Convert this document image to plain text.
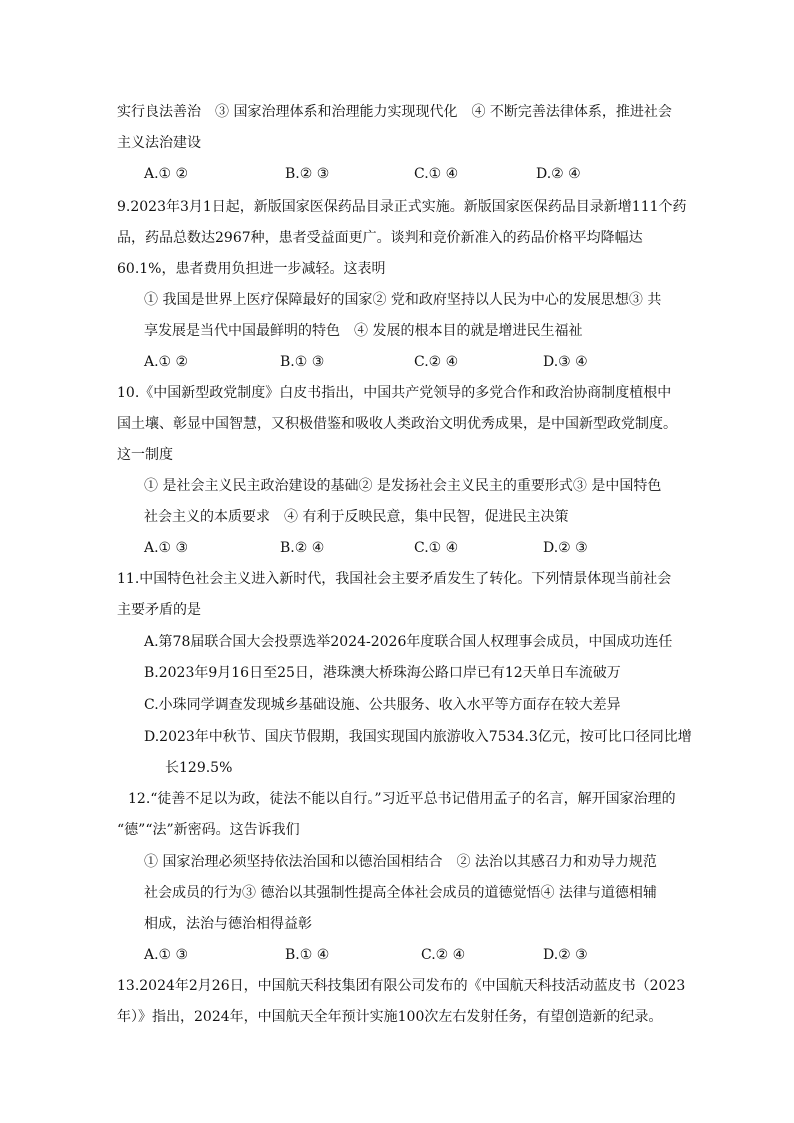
实行良法善治　③ 国家治理体系和治理能力实现现代化　④ 不断完善法律体系，推进社会
主义法治建设
A.① ②	B.② ③	C.① ④	D.② ④
9.2023年3月1日起，新版国家医保药品目录正式实施。新版国家医保药品目录新增111个药
品，药品总数达2967种，患者受益面更广。谈判和竞价新准入的药品价格平均降幅达
60.1%，患者费用负担进一步减轻。这表明
① 我国是世界上医疗保障最好的国家② 党和政府坚持以人民为中心的发展思想③ 共
享发展是当代中国最鲜明的特色　④ 发展的根本目的就是增进民生福祉
A.① ②	B.① ③	C.② ④	D.③ ④
10.《中国新型政党制度》白皮书指出，中国共产党领导的多党合作和政治协商制度植根中
国土壤、彰显中国智慧，又积极借鉴和吸收人类政治文明优秀成果，是中国新型政党制度。
这一制度
① 是社会主义民主政治建设的基础② 是发扬社会主义民主的重要形式③ 是中国特色
社会主义的本质要求　④ 有利于反映民意，集中民智，促进民主决策
A.① ③	B.② ④	C.① ④	D.② ③
11.中国特色社会主义进入新时代，我国社会主要矛盾发生了转化。下列情景体现当前社会
主要矛盾的是
A.第78届联合国大会投票选举2024-2026年度联合国人权理事会成员，中国成功连任
B.2023年9月16日至25日，港珠澳大桥珠海公路口岸已有12天单日车流破万
C.小珠同学调查发现城乡基础设施、公共服务、收入水平等方面存在较大差异
D.2023年中秋节、国庆节假期，我国实现国内旅游收入7534.3亿元，按可比口径同比增
长129.5%
12.“徒善不足以为政，徒法不能以自行。”习近平总书记借用孟子的名言，解开国家治理的
“德”“法”新密码。这告诉我们
① 国家治理必须坚持依法治国和以德治国相结合　② 法治以其感召力和劝导力规范
社会成员的行为③ 德治以其强制性提高全体社会成员的道德觉悟④ 法律与道德相辅
相成，法治与德治相得益彰
A.① ③	B.① ④	C.② ④	D.② ③
13.2024年2月26日，中国航天科技集团有限公司发布的《中国航天科技活动蓝皮书（2023
年）》指出，2024年，中国航天全年预计实施100次左右发射任务，有望创造新的纪录。
